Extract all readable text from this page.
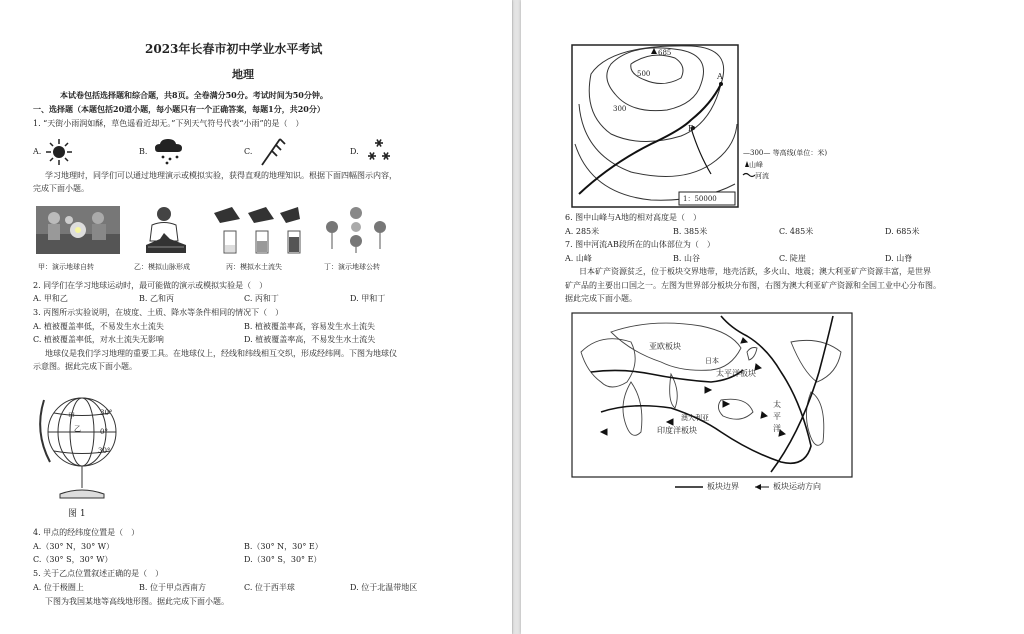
2023年长春市初中学业水平考试
地理
本试卷包括选择题和综合题，共8页。全卷满分50分。考试时间为50分钟。
一、选择题（本题包括20道小题，每小题只有一个正确答案，每题1分，共20分）
1. “天街小雨润如酥，草色遥看近却无。”下列天气符号代表“小雨”的是（　）
A.	B.	C.	D.
学习地理时，同学们可以通过地理演示或模拟实验，获得直观的地理知识。根据下面四幅图示内容，
完成下面小题。
甲：演示地球自转	乙：模拟山脉形成	丙：模拟水土流失	丁：演示地球公转
2. 同学们在学习地球运动时，最可能做的演示或模拟实验是（　）
A. 甲和乙	B. 乙和丙	C. 丙和丁	D. 甲和丁
3. 丙图所示实验说明，在坡度、土质、降水等条件相同的情况下（　）
A. 植被覆盖率低，不易发生水土流失	B. 植被覆盖率高，容易发生水土流失
C. 植被覆盖率低，对水土流失无影响	D. 植被覆盖率高，不易发生水土流失
地球仪是我们学习地理的重要工具。在地球仪上，经线和纬线相互交织，形成经纬网。下图为地球仪
示意图。据此完成下面小题。
甲
乙
30°
0°
30°
图 1
4. 甲点的经纬度位置是（　）
A.（30° N，30° W）	B.（30° N，30° E）
C.（30° S，30° W）	D.（30° S，30° E）
5. 关于乙点位置叙述正确的是（　）
A. 位于极圈上	B. 位于甲点西南方	C. 位于西半球	D. 位于北温带地区
下图为我国某地等高线地形图。据此完成下面小题。
685
500
300
A
B
1：50000
—300— 等高线(单位：米)
山峰
河流
6. 图中山峰与A地的相对高度是（　）
A. 285米	B. 385米	C. 485米	D. 685米
7. 图中河流AB段所在的山体部位为（　）
A. 山峰	B. 山谷	C. 陡崖	D. 山脊
日本矿产资源贫乏，位于板块交界地带，地壳活跃，多火山、地震；澳大利亚矿产资源丰富，是世界
矿产品的主要出口国之一。左图为世界部分板块分布图，右图为澳大利亚矿产资源和全国工业中心分布图。
据此完成下面小题。
亚欧板块
太平洋板块
印度洋板块
澳大利亚
太
平
洋
日本
板块边界	板块运动方向
